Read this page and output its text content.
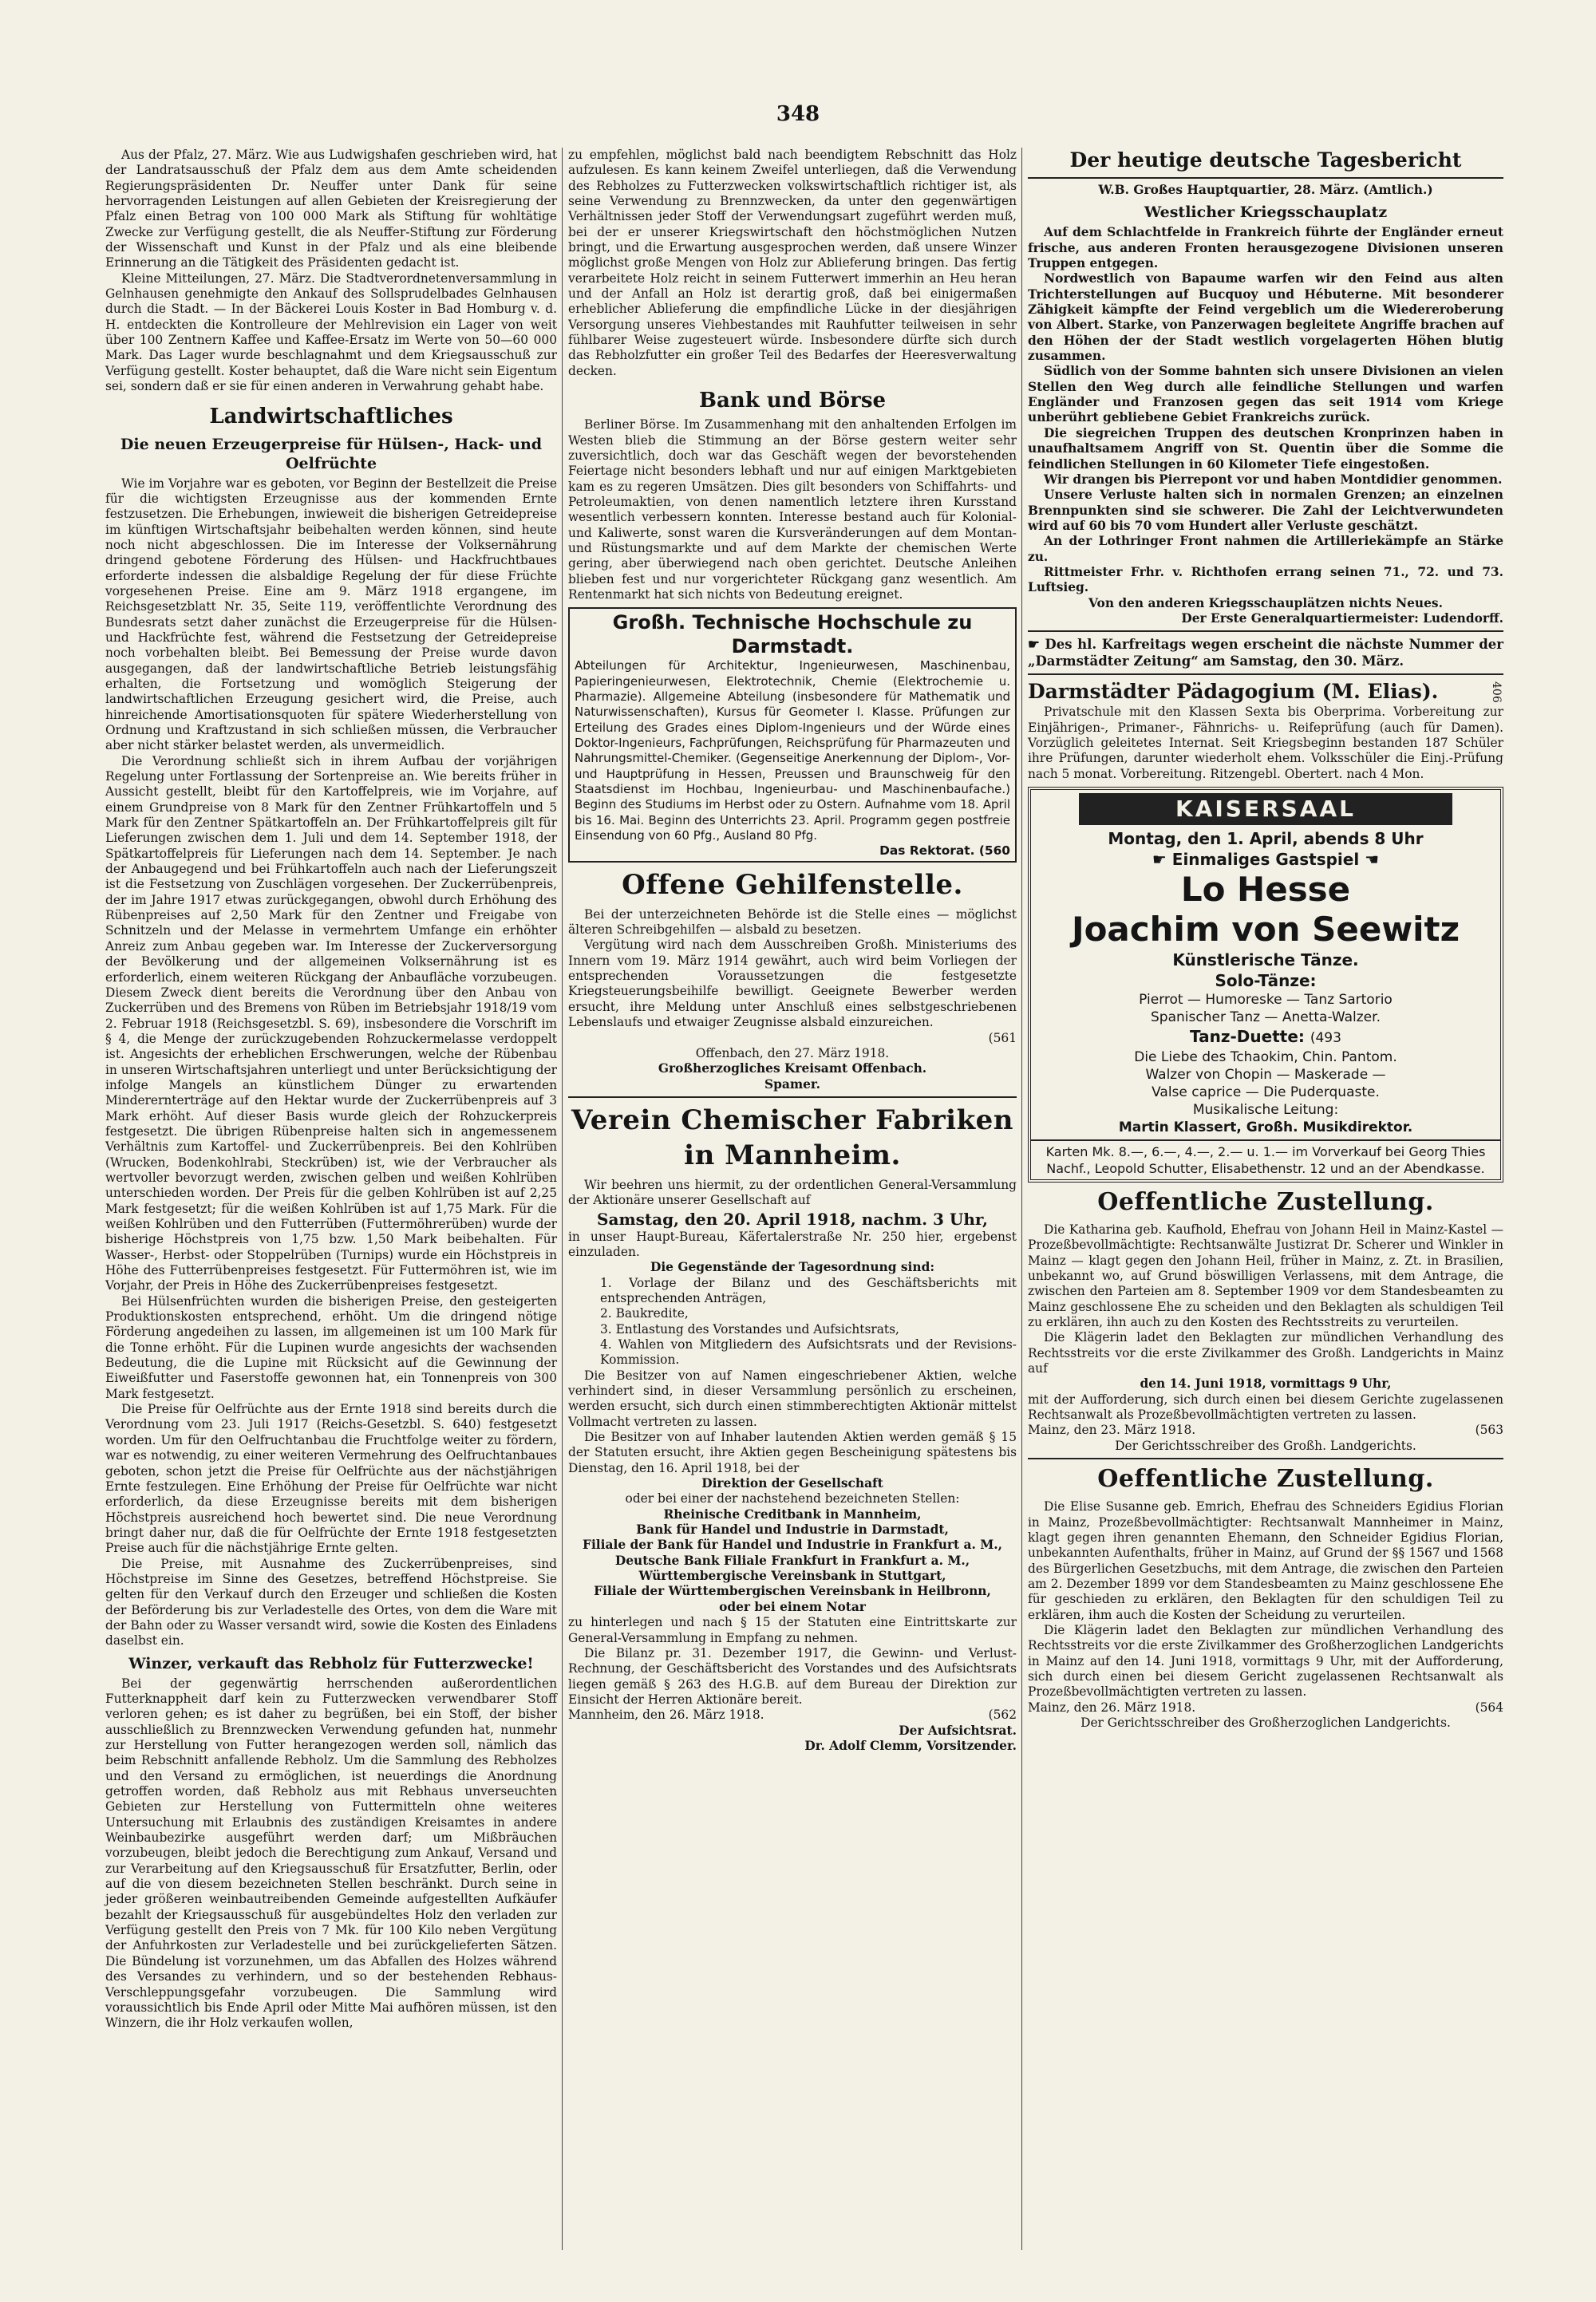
348

Aus der Pfalz, 27. März. Wie aus Ludwigshafen geschrieben wird, hat der Landratsausschuß der Pfalz dem aus dem Amte scheidenden Regierungspräsidenten Dr. Neuffer unter Dank für seine hervorragenden Leistungen auf allen Gebieten der Kreisregierung der Pfalz einen Betrag von 100 000 Mark als Stiftung für wohltätige Zwecke zur Verfügung gestellt, die als Neuffer-Stiftung zur Förderung der Wissenschaft und Kunst in der Pfalz und als eine bleibende Erinnerung an die Tätigkeit des Präsidenten gedacht ist.

Kleine Mitteilungen, 27. März. Die Stadtverordnetenversammlung in Gelnhausen genehmigte den Ankauf des Sollsprudelbades Gelnhausen durch die Stadt. — In der Bäckerei Louis Koster in Bad Homburg v. d. H. entdeckten die Kontrolleure der Mehlrevision ein Lager von weit über 100 Zentnern Kaffee und Kaffee-Ersatz im Werte von 50—60 000 Mark. Das Lager wurde beschlagnahmt und dem Kriegsausschuß zur Verfügung gestellt. Koster behauptet, daß die Ware nicht sein Eigentum sei, sondern daß er sie für einen anderen in Verwahrung gehabt habe.

Landwirtschaftliches
Die neuen Erzeugerpreise für Hülsen-, Hack- und Oelfrüchte

Wie im Vorjahre war es geboten, vor Beginn der Bestellzeit die Preise für die wichtigsten Erzeugnisse aus der kommenden Ernte festzusetzen. Die Erhebungen, inwieweit die bisherigen Getreidepreise im künftigen Wirtschaftsjahr beibehalten werden können, sind heute noch nicht abgeschlossen. Die im Interesse der Volksernährung dringend gebotene Förderung des Hülsen- und Hackfruchtbaues erforderte indessen die alsbaldige Regelung der für diese Früchte vorgesehenen Preise. Eine am 9. März 1918 ergangene, im Reichsgesetzblatt Nr. 35, Seite 119, veröffentlichte Verordnung des Bundesrats setzt daher zunächst die Erzeugerpreise für die Hülsen- und Hackfrüchte fest, während die Festsetzung der Getreidepreise noch vorbehalten bleibt. Bei Bemessung der Preise wurde davon ausgegangen, daß der landwirtschaftliche Betrieb leistungsfähig erhalten, die Fortsetzung und womöglich Steigerung der landwirtschaftlichen Erzeugung gesichert wird, die Preise, auch hinreichende Amortisationsquoten für spätere Wiederherstellung von Ordnung und Kraftzustand in sich schließen müssen, die Verbraucher aber nicht stärker belastet werden, als unvermeidlich.

Die Verordnung schließt sich in ihrem Aufbau der vorjährigen Regelung unter Fortlassung der Sortenpreise an. Wie bereits früher in Aussicht gestellt, bleibt für den Kartoffelpreis, wie im Vorjahre, auf einem Grundpreise von 8 Mark für den Zentner Frühkartoffeln und 5 Mark für den Zentner Spätkartoffeln an. Der Frühkartoffelpreis gilt für Lieferungen zwischen dem 1. Juli und dem 14. September 1918, der Spätkartoffelpreis für Lieferungen nach dem 14. September. Je nach der Anbaugegend und bei Frühkartoffeln auch nach der Lieferungszeit ist die Festsetzung von Zuschlägen vorgesehen. Der Zuckerrübenpreis, der im Jahre 1917 etwas zurückgegangen, obwohl durch Erhöhung des Rübenpreises auf 2,50 Mark für den Zentner und Freigabe von Schnitzeln und der Melasse in vermehrtem Umfange ein erhöhter Anreiz zum Anbau gegeben war. Im Interesse der Zuckerversorgung der Bevölkerung und der allgemeinen Volksernährung ist es erforderlich, einem weiteren Rückgang der Anbaufläche vorzubeugen. Diesem Zweck dient bereits die Verordnung über den Anbau von Zuckerrüben und des Bremens von Rüben im Betriebsjahr 1918/19 vom 2. Februar 1918 (Reichsgesetzbl. S. 69), insbesondere die Vorschrift im § 4, die Menge der zurückzugebenden Rohzuckermelasse verdoppelt ist. Angesichts der erheblichen Erschwerungen, welche der Rübenbau in unseren Wirtschaftsjahren unterliegt und unter Berücksichtigung der infolge Mangels an künstlichem Dünger zu erwartenden Minderernterträge auf den Hektar wurde der Zuckerrübenpreis auf 3 Mark erhöht. Auf dieser Basis wurde gleich der Rohzuckerpreis festgesetzt. Die übrigen Rübenpreise halten sich in angemessenem Verhältnis zum Kartoffel- und Zuckerrübenpreis. Bei den Kohlrüben (Wrucken, Bodenkohlrabi, Steckrüben) ist, wie der Verbraucher als wertvoller bevorzugt werden, zwischen gelben und weißen Kohlrüben unterschieden worden. Der Preis für die gelben Kohlrüben ist auf 2,25 Mark festgesetzt; für die weißen Kohlrüben ist auf 1,75 Mark. Für die weißen Kohlrüben und den Futterrüben (Futtermöhrerüben) wurde der bisherige Höchstpreis von 1,75 bzw. 1,50 Mark beibehalten. Für Wasser-, Herbst- oder Stoppelrüben (Turnips) wurde ein Höchstpreis in Höhe des Futterrübenpreises festgesetzt. Für Futtermöhren ist, wie im Vorjahr, der Preis in Höhe des Zuckerrübenpreises festgesetzt.

Bei Hülsenfrüchten wurden die bisherigen Preise, den gesteigerten Produktionskosten entsprechend, erhöht. Um die dringend nötige Förderung angedeihen zu lassen, im allgemeinen ist um 100 Mark für die Tonne erhöht. Für die Lupinen wurde angesichts der wachsenden Bedeutung, die die Lupine mit Rücksicht auf die Gewinnung der Eiweißfutter und Faserstoffe gewonnen hat, ein Tonnenpreis von 300 Mark festgesetzt.

Die Preise für Oelfrüchte aus der Ernte 1918 sind bereits durch die Verordnung vom 23. Juli 1917 (Reichs-Gesetzbl. S. 640) festgesetzt worden. Um für den Oelfruchtanbau die Fruchtfolge weiter zu fördern, war es notwendig, zu einer weiteren Vermehrung des Oelfruchtanbaues geboten, schon jetzt die Preise für Oelfrüchte aus der nächstjährigen Ernte festzulegen. Eine Erhöhung der Preise für Oelfrüchte war nicht erforderlich, da diese Erzeugnisse bereits mit dem bisherigen Höchstpreis ausreichend hoch bewertet sind. Die neue Verordnung bringt daher nur, daß die für Oelfrüchte der Ernte 1918 festgesetzten Preise auch für die nächstjährige Ernte gelten.

Die Preise, mit Ausnahme des Zuckerrübenpreises, sind Höchstpreise im Sinne des Gesetzes, betreffend Höchstpreise. Sie gelten für den Verkauf durch den Erzeuger und schließen die Kosten der Beförderung bis zur Verladestelle des Ortes, von dem die Ware mit der Bahn oder zu Wasser versandt wird, sowie die Kosten des Einladens daselbst ein.

Winzer, verkauft das Rebholz für Futterzwecke!

Bei der gegenwärtig herrschenden außerordentlichen Futterknappheit darf kein zu Futterzwecken verwendbarer Stoff verloren gehen; es ist daher zu begrüßen, bei ein Stoff, der bisher ausschließlich zu Brennzwecken Verwendung gefunden hat, nunmehr zur Herstellung von Futter herangezogen werden soll, nämlich das beim Rebschnitt anfallende Rebholz. Um die Sammlung des Rebholzes und den Versand zu ermöglichen, ist neuerdings die Anordnung getroffen worden, daß Rebholz aus mit Rebhaus unverseuchten Gebieten zur Herstellung von Futtermitteln ohne weiteres Untersuchung mit Erlaubnis des zuständigen Kreisamtes in andere Weinbaubezirke ausgeführt werden darf; um Mißbräuchen vorzubeugen, bleibt jedoch die Berechtigung zum Ankauf, Versand und zur Verarbeitung auf den Kriegsausschuß für Ersatzfutter, Berlin, oder auf die von diesem bezeichneten Stellen beschränkt. Durch seine in jeder größeren weinbautreibenden Gemeinde aufgestellten Aufkäufer bezahlt der Kriegsausschuß für ausgebündeltes Holz den verladen zur Verfügung gestellt den Preis von 7 Mk. für 100 Kilo neben Vergütung der Anfuhrkosten zur Verladestelle und bei zurückgelieferten Sätzen. Die Bündelung ist vorzunehmen, um das Abfallen des Holzes während des Versandes zu verhindern, und so der bestehenden Rebhaus-Verschleppungsgefahr vorzubeugen. Die Sammlung wird voraussichtlich bis Ende April oder Mitte Mai aufhören müssen, ist den Winzern, die ihr Holz verkaufen wollen,

zu empfehlen, möglichst bald nach beendigtem Rebschnitt das Holz aufzulesen. Es kann keinem Zweifel unterliegen, daß die Verwendung des Rebholzes zu Futterzwecken volkswirtschaftlich richtiger ist, als seine Verwendung zu Brennzwecken, da unter den gegenwärtigen Verhältnissen jeder Stoff der Verwendungsart zugeführt werden muß, bei der er unserer Kriegswirtschaft den höchstmöglichen Nutzen bringt, und die Erwartung ausgesprochen werden, daß unsere Winzer möglichst große Mengen von Holz zur Ablieferung bringen. Das fertig verarbeitete Holz reicht in seinem Futterwert immerhin an Heu heran und der Anfall an Holz ist derartig groß, daß bei einigermaßen erheblicher Ablieferung die empfindliche Lücke in der diesjährigen Versorgung unseres Viehbestandes mit Rauhfutter teilweisen in sehr fühlbarer Weise zugesteuert würde. Insbesondere dürfte sich durch das Rebholzfutter ein großer Teil des Bedarfes der Heeresverwaltung decken.

Bank und Börse

Berliner Börse. Im Zusammenhang mit den anhaltenden Erfolgen im Westen blieb die Stimmung an der Börse gestern weiter sehr zuversichtlich, doch war das Geschäft wegen der bevorstehenden Feiertage nicht besonders lebhaft und nur auf einigen Marktgebieten kam es zu regeren Umsätzen. Dies gilt besonders von Schiffahrts- und Petroleumaktien, von denen namentlich letztere ihren Kursstand wesentlich verbessern konnten. Interesse bestand auch für Kolonial- und Kaliwerte, sonst waren die Kursveränderungen auf dem Montan- und Rüstungsmarkte und auf dem Markte der chemischen Werte gering, aber überwiegend nach oben gerichtet. Deutsche Anleihen blieben fest und nur vorgerichteter Rückgang ganz wesentlich. Am Rentenmarkt hat sich nichts von Bedeutung ereignet.

Großh. Technische Hochschule zu Darmstadt.

Abteilungen für Architektur, Ingenieurwesen, Maschinenbau, Papieringenieurwesen, Elektrotechnik, Chemie (Elektrochemie u. Pharmazie). Allgemeine Abteilung (insbesondere für Mathematik und Naturwissenschaften), Kursus für Geometer I. Klasse. Prüfungen zur Erteilung des Grades eines Diplom-Ingenieurs und der Würde eines Doktor-Ingenieurs, Fachprüfungen, Reichsprüfung für Pharmazeuten und Nahrungsmittel-Chemiker. (Gegenseitige Anerkennung der Diplom-, Vor- und Hauptprüfung in Hessen, Preussen und Braunschweig für den Staatsdienst im Hochbau, Ingenieurbau- und Maschinenbaufache.) Beginn des Studiums im Herbst oder zu Ostern. Aufnahme vom 18. April bis 16. Mai. Beginn des Unterrichts 23. April. Programm gegen postfreie Einsendung von 60 Pfg., Ausland 80 Pfg.

Das Rektorat. (560
Offene Gehilfenstelle.

Bei der unterzeichneten Behörde ist die Stelle eines — möglichst älteren Schreibgehilfen — alsbald zu besetzen.

Vergütung wird nach dem Ausschreiben Großh. Ministeriums des Innern vom 19. März 1914 gewährt, auch wird beim Vorliegen der entsprechenden Voraussetzungen die festgesetzte Kriegsteuerungsbeihilfe bewilligt. Geeignete Bewerber werden ersucht, ihre Meldung unter Anschluß eines selbstgeschriebenen Lebenslaufs und etwaiger Zeugnisse alsbald einzureichen.

(561

Offenbach, den 27. März 1918.

Großherzogliches Kreisamt Offenbach.

Spamer.

Verein Chemischer Fabriken in Mannheim.

Wir beehren uns hiermit, zu der ordentlichen General-Versammlung der Aktionäre unserer Gesellschaft auf

Samstag, den 20. April 1918, nachm. 3 Uhr,

in unser Haupt-Bureau, Käfertalerstraße Nr. 250 hier, ergebenst einzuladen.

Die Gegenstände der Tagesordnung sind:

1. Vorlage der Bilanz und des Geschäftsberichts mit entsprechenden Anträgen,

2. Baukredite,

3. Entlastung des Vorstandes und Aufsichtsrats,

4. Wahlen von Mitgliedern des Aufsichtsrats und der Revisions-Kommission.

Die Besitzer von auf Namen eingeschriebener Aktien, welche verhindert sind, in dieser Versammlung persönlich zu erscheinen, werden ersucht, sich durch einen stimmberechtigten Aktionär mittelst Vollmacht vertreten zu lassen.

Die Besitzer von auf Inhaber lautenden Aktien werden gemäß § 15 der Statuten ersucht, ihre Aktien gegen Bescheinigung spätestens bis Dienstag, den 16. April 1918, bei der

Direktion der Gesellschaft

oder bei einer der nachstehend bezeichneten Stellen:

Rheinische Creditbank in Mannheim,

Bank für Handel und Industrie in Darmstadt,

Filiale der Bank für Handel und Industrie in Frankfurt a. M.,

Deutsche Bank Filiale Frankfurt in Frankfurt a. M.,

Württembergische Vereinsbank in Stuttgart,

Filiale der Württembergischen Vereinsbank in Heilbronn,

oder bei einem Notar

zu hinterlegen und nach § 15 der Statuten eine Eintrittskarte zur General-Versammlung in Empfang zu nehmen.

Die Bilanz pr. 31. Dezember 1917, die Gewinn- und Verlust-Rechnung, der Geschäftsbericht des Vorstandes und des Aufsichtsrats liegen gemäß § 263 des H.G.B. auf dem Bureau der Direktion zur Einsicht der Herren Aktionäre bereit.

Mannheim, den 26. März 1918.	(562

Der Aufsichtsrat.

Dr. Adolf Clemm, Vorsitzender.

Der heutige deutsche Tagesbericht

W.B. Großes Hauptquartier, 28. März. (Amtlich.)

Westlicher Kriegsschauplatz

Auf dem Schlachtfelde in Frankreich führte der Engländer erneut frische, aus anderen Fronten herausgezogene Divisionen unseren Truppen entgegen.

Nordwestlich von Bapaume warfen wir den Feind aus alten Trichterstellungen auf Bucquoy und Hébuterne. Mit besonderer Zähigkeit kämpfte der Feind vergeblich um die Wiedereroberung von Albert. Starke, von Panzerwagen begleitete Angriffe brachen auf den Höhen der der Stadt westlich vorgelagerten Höhen blutig zusammen.

Südlich von der Somme bahnten sich unsere Divisionen an vielen Stellen den Weg durch alle feindliche Stellungen und warfen Engländer und Franzosen gegen das seit 1914 vom Kriege unberührt gebliebene Gebiet Frankreichs zurück.

Die siegreichen Truppen des deutschen Kronprinzen haben in unaufhaltsamem Angriff von St. Quentin über die Somme die feindlichen Stellungen in 60 Kilometer Tiefe eingestoßen.

Wir drangen bis Pierrepont vor und haben Montdidier genommen.

Unsere Verluste halten sich in normalen Grenzen; an einzelnen Brennpunkten sind sie schwerer. Die Zahl der Leichtverwundeten wird auf 60 bis 70 vom Hundert aller Verluste geschätzt.

An der Lothringer Front nahmen die Artilleriekämpfe an Stärke zu.

Rittmeister Frhr. v. Richthofen errang seinen 71., 72. und 73. Luftsieg.

Von den anderen Kriegsschauplätzen nichts Neues.

Der Erste Generalquartiermeister: Ludendorff.

☛ Des hl. Karfreitags wegen erscheint die nächste Nummer der „Darmstädter Zeitung“ am Samstag, den 30. März.

Darmstädter Pädagogium (M. Elias).	406

Privatschule mit den Klassen Sexta bis Oberprima. Vorbereitung zur Einjährigen-, Primaner-, Fähnrichs- u. Reifeprüfung (auch für Damen). Vorzüglich geleitetes Internat. Seit Kriegsbeginn bestanden 187 Schüler ihre Prüfungen, darunter wiederholt ehem. Volksschüler die Einj.-Prüfung nach 5 monat. Vorbereitung. Ritzengebl. Obertert. nach 4 Mon.

KAISERSAAL
Montag, den 1. April, abends 8 Uhr
☛ Einmaliges Gastspiel ☚
Lo Hesse
Joachim von Seewitz
Künstlerische Tänze.
Solo-Tänze:
Pierrot — Humoreske — Tanz Sartorio
Spanischer Tanz — Anetta-Walzer.
Tanz-Duette: (493
Die Liebe des Tchaokim, Chin. Pantom.
Walzer von Chopin — Maskerade —
Valse caprice — Die Puderquaste.
Musikalische Leitung:
Martin Klassert, Großh. Musikdirektor.
Karten Mk. 8.—, 6.—, 4.—, 2.— u. 1.— im Vorverkauf bei Georg Thies Nachf., Leopold Schutter, Elisabethenstr. 12 und an der Abendkasse.
Oeffentliche Zustellung.

Die Katharina geb. Kaufhold, Ehefrau von Johann Heil in Mainz-Kastel — Prozeßbevollmächtigte: Rechtsanwälte Justizrat Dr. Scherer und Winkler in Mainz — klagt gegen den Johann Heil, früher in Mainz, z. Zt. in Brasilien, unbekannt wo, auf Grund böswilligen Verlassens, mit dem Antrage, die zwischen den Parteien am 8. September 1909 vor dem Standesbeamten zu Mainz geschlossene Ehe zu scheiden und den Beklagten als schuldigen Teil zu erklären, ihn auch zu den Kosten des Rechtsstreits zu verurteilen.

Die Klägerin ladet den Beklagten zur mündlichen Verhandlung des Rechtsstreits vor die erste Zivilkammer des Großh. Landgerichts in Mainz auf

den 14. Juni 1918, vormittags 9 Uhr,

mit der Aufforderung, sich durch einen bei diesem Gerichte zugelassenen Rechtsanwalt als Prozeßbevollmächtigten vertreten zu lassen.

Mainz, den 23. März 1918.	(563

Der Gerichtsschreiber des Großh. Landgerichts.

Oeffentliche Zustellung.

Die Elise Susanne geb. Emrich, Ehefrau des Schneiders Egidius Florian in Mainz, Prozeßbevollmächtigter: Rechtsanwalt Mannheimer in Mainz, klagt gegen ihren genannten Ehemann, den Schneider Egidius Florian, unbekannten Aufenthalts, früher in Mainz, auf Grund der §§ 1567 und 1568 des Bürgerlichen Gesetzbuchs, mit dem Antrage, die zwischen den Parteien am 2. Dezember 1899 vor dem Standesbeamten zu Mainz geschlossene Ehe für geschieden zu erklären, den Beklagten für den schuldigen Teil zu erklären, ihm auch die Kosten der Scheidung zu verurteilen.

Die Klägerin ladet den Beklagten zur mündlichen Verhandlung des Rechtsstreits vor die erste Zivilkammer des Großherzoglichen Landgerichts in Mainz auf den 14. Juni 1918, vormittags 9 Uhr, mit der Aufforderung, sich durch einen bei diesem Gericht zugelassenen Rechtsanwalt als Prozeßbevollmächtigten vertreten zu lassen.

Mainz, den 26. März 1918.	(564

Der Gerichtsschreiber des Großherzoglichen Landgerichts.
